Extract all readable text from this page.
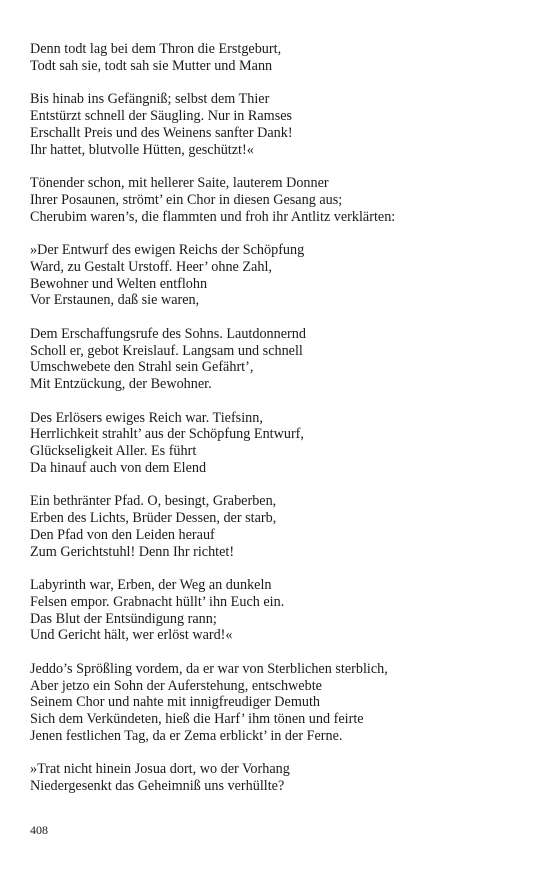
Denn todt lag bei dem Thron die Erstgeburt,
Todt sah sie, todt sah sie Mutter und Mann
Bis hinab ins Gefängniß; selbst dem Thier
Entstürzt schnell der Säugling. Nur in Ramses
Erschallt Preis und des Weinens sanfter Dank!
Ihr hattet, blutvolle Hütten, geschützt!«
Tönender schon, mit hellerer Saite, lauterem Donner
Ihrer Posaunen, strömt’ ein Chor in diesen Gesang aus;
Cherubim waren’s, die flammten und froh ihr Antlitz verklärten:
»Der Entwurf des ewigen Reichs der Schöpfung
Ward, zu Gestalt Urstoff. Heer’ ohne Zahl,
Bewohner und Welten entflohn
Vor Erstaunen, daß sie waren,
Dem Erschaffungsrufe des Sohns. Lautdonnernd
Scholl er, gebot Kreislauf. Langsam und schnell
Umschwebete den Strahl sein Gefährt’,
Mit Entzückung, der Bewohner.
Des Erlösers ewiges Reich war. Tiefsinn,
Herrlichkeit strahlt’ aus der Schöpfung Entwurf,
Glückseligkeit Aller. Es führt
Da hinauf auch von dem Elend
Ein bethränter Pfad. O, besingt, Graberben,
Erben des Lichts, Brüder Dessen, der starb,
Den Pfad von den Leiden herauf
Zum Gerichtstuhl! Denn Ihr richtet!
Labyrinth war, Erben, der Weg an dunkeln
Felsen empor. Grabnacht hüllt’ ihn Euch ein.
Das Blut der Entsündigung rann;
Und Gericht hält, wer erlöst ward!«
Jeddo’s Sprößling vordem, da er war von Sterblichen sterblich,
Aber jetzo ein Sohn der Auferstehung, entschwebte
Seinem Chor und nahte mit innigfreudiger Demuth
Sich dem Verkündeten, hieß die Harf’ ihm tönen und feirte
Jenen festlichen Tag, da er Zema erblickt’ in der Ferne.
»Trat nicht hinein Josua dort, wo der Vorhang
Niedergesenkt das Geheimniß uns verhüllte?
408
